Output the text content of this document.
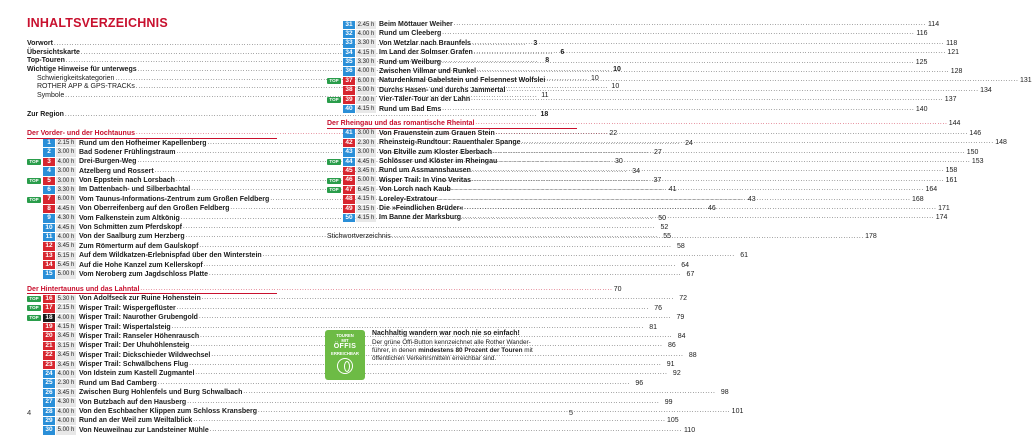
INHALTSVERZEICHNIS
Vorwort .....	3
Übersichtskarte .....	6
Top-Touren .....	8
Wichtige Hinweise für unterwegs .....	10
Schwierigkeitskategorien .....	10
ROTHER APP & GPS-TRACKs .....	10
Symbole .....	11
Zur Region .....	18
Der Vorder- und der Hochtaunus .....	22
1	2.15 h Rund um den Hofheimer Kapellenberg .....	24
2	3.00 h Bad Sodener Frühlingstraum .....	27
TOP	3	4.00 h Drei-Burgen-Weg .....	30
4	3.00 h Atzelberg und Rossert .....	34
TOP	5	3.00 h Von Eppstein nach Lorsbach .....	37
6	3.30 h Im Dattenbach- und Silberbachtal .....	41
TOP	7	6.00 h Vom Taunus-Informations-Zentrum zum Großen Feldberg .....	43
8	4.45 h Von Oberreifenberg auf den Großen Feldberg .....	46
9	4.30 h Vom Falkenstein zum Altkönig .....	50
10 4.45 h Von Schmitten zum Pferdskopf .....	52
11 4.00 h Von der Saalburg zum Herzberg .....	55
12 3.45 h Zum Römerturm auf dem Gaulskopf .....	58
13 5.15 h Auf dem Wildkatzen-Erlebnispfad über den Winterstein .....	61
14 5.45 h Auf die Hohe Kanzel zum Kellerskopf .....	64
15 5.00 h Vom Neroberg zum Jagdschloss Platte .....	67
Der Hintertaunus und das Lahntal .....	70
TOP	16 5.30 h Von Adolfseck zur Ruine Hohenstein .....	72
TOP	17 2.15 h Wisper Trail: Wispergeflüster .....	76
TOP	18 4.00 h Wisper Trail: Naurother Grubengold .....	79
19 4.15 h Wisper Trail: Wispertalsteig .....	81
20 3.45 h Wisper Trail: Ranseler Höhenrausch .....	84
21 3.15 h Wisper Trail: Der Uhuhöhlensteig .....	86
22 3.45 h Wisper Trail: Dickschieder Wildwechsel .....	88
23 3.45 h Wisper Trail: Schwälbchens Flug .....	91
24 4.00 h Von Idstein zum Kastell Zugmantel .....	92
25 2.30 h Rund um Bad Camberg .....	96
26 3.45 h Zwischen Burg Hohlenfels und Burg Schwalbach .....	98
27 4.30 h Von Butzbach auf den Hausberg .....	99
28 4.00 h Von den Eschbacher Klippen zum Schloss Kransberg .....	101
29 4.00 h Rund an der Weil zum Weiltalblick .....	105
30 5.00 h Von Neuweilnau zur Landsteiner Mühle .....	110
4
31 2.45 h Beim Möttauer Weiher .....	114
32 4.00 h Rund um Cleeberg .....	116
33 3.30 h Von Wetzlar nach Braunfels .....	118
34 4.15 h Im Land der Solmser Grafen .....	121
35 3.30 h Rund um Weilburg .....	125
36 4.00 h Zwischen Villmar und Runkel .....	128
TOP	37 6.00 h Naturdenkmal Gabelstein und Felsennest Wolfslei .....	131
38 5.00 h Durchs Hasen- und durchs Jammertal .....	134
TOP	39 7.00 h Vier-Täler-Tour an der Lahn .....	137
40 4.15 h Rund um Bad Ems .....	140
Der Rheingau und das romantische Rheintal .....	144
41 3.00 h Von Frauenstein zum Grauen Stein .....	146
42 2.30 h Rheinsteig-Rundtour: Rauenthaler Spange .....	148
43 3.00 h Von Eltville zum Kloster Eberbach .....	150
TOP	44 4.45 h Schlösser und Klöster im Rheingau .....	153
45 3.45 h Rund um Assmannshausen .....	158
TOP	46 5.00 h Wisper Trail: In Vino Veritas .....	161
TOP	47 6.45 h Von Lorch nach Kaub .....	164
48 4.15 h Loreley-Extratour .....	168
49 3.15 h Die »Feindlichen Brüder« .....	171
50 4.15 h Im Banne der Marksburg .....	174
Stichwortverzeichnis .....	178
TOUREN
MIT
ÖFFIS
ERREICHBAR
Nachhaltig wandern war noch nie so einfach!
Der grüne Öffi-Button kennzeichnet alle Rother Wander-
führer, in denen mindestens 80 Prozent der Touren mit
öffentlichen Verkehrsmitteln erreichbar sind.
5
